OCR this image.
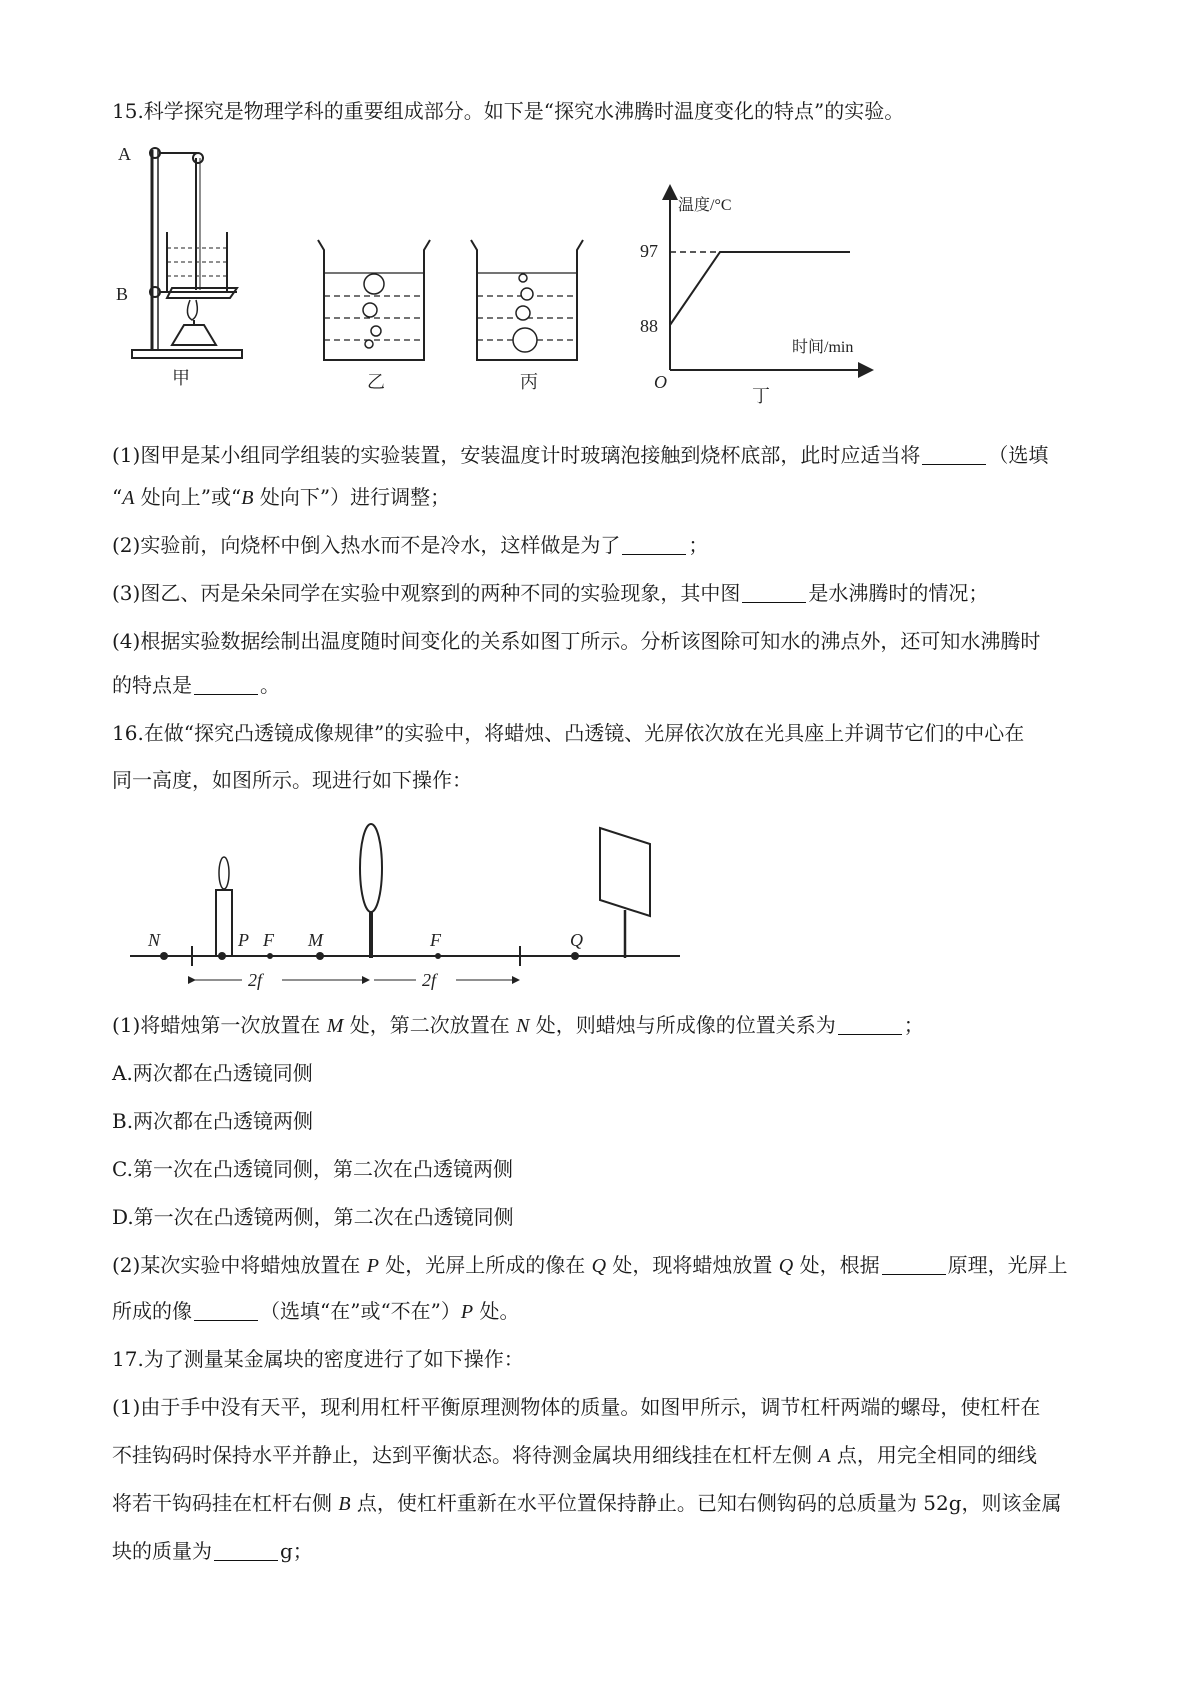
15.科学探究是物理学科的重要组成部分。如下是“探究水沸腾时温度变化的特点”的实验。

A
B
甲	乙	丙
温度/°C
时间/min
O
97
88
丁

(1)图甲是某小组同学组装的实验装置，安装温度计时玻璃泡接触到烧杯底部，此时应适当将	（选填

“A 处向上”或“B 处向下”）进行调整；

(2)实验前，向烧杯中倒入热水而不是冷水，这样做是为了	；

(3)图乙、丙是朵朵同学在实验中观察到的两种不同的实验现象，其中图	是水沸腾时的情况；

(4)根据实验数据绘制出温度随时间变化的关系如图丁所示。分析该图除可知水的沸点外，还可知水沸腾时

的特点是	。

16.在做“探究凸透镜成像规律”的实验中，将蜡烛、凸透镜、光屏依次放在光具座上并调节它们的中心在

同一高度，如图所示。现进行如下操作：

N	P F M	F	Q
2f	2f

(1)将蜡烛第一次放置在 M 处，第二次放置在 N 处，则蜡烛与所成像的位置关系为	；

A.两次都在凸透镜同侧

B.两次都在凸透镜两侧

C.第一次在凸透镜同侧，第二次在凸透镜两侧

D.第一次在凸透镜两侧，第二次在凸透镜同侧

(2)某次实验中将蜡烛放置在 P 处，光屏上所成的像在 Q 处，现将蜡烛放置 Q 处，根据	原理，光屏上

所成的像	（选填“在”或“不在”）P 处。

17.为了测量某金属块的密度进行了如下操作：

(1)由于手中没有天平，现利用杠杆平衡原理测物体的质量。如图甲所示，调节杠杆两端的螺母，使杠杆在

不挂钩码时保持水平并静止，达到平衡状态。将待测金属块用细线挂在杠杆左侧 A 点，用完全相同的细线

将若干钩码挂在杠杆右侧 B 点，使杠杆重新在水平位置保持静止。已知右侧钩码的总质量为 52g，则该金属

块的质量为	g；
